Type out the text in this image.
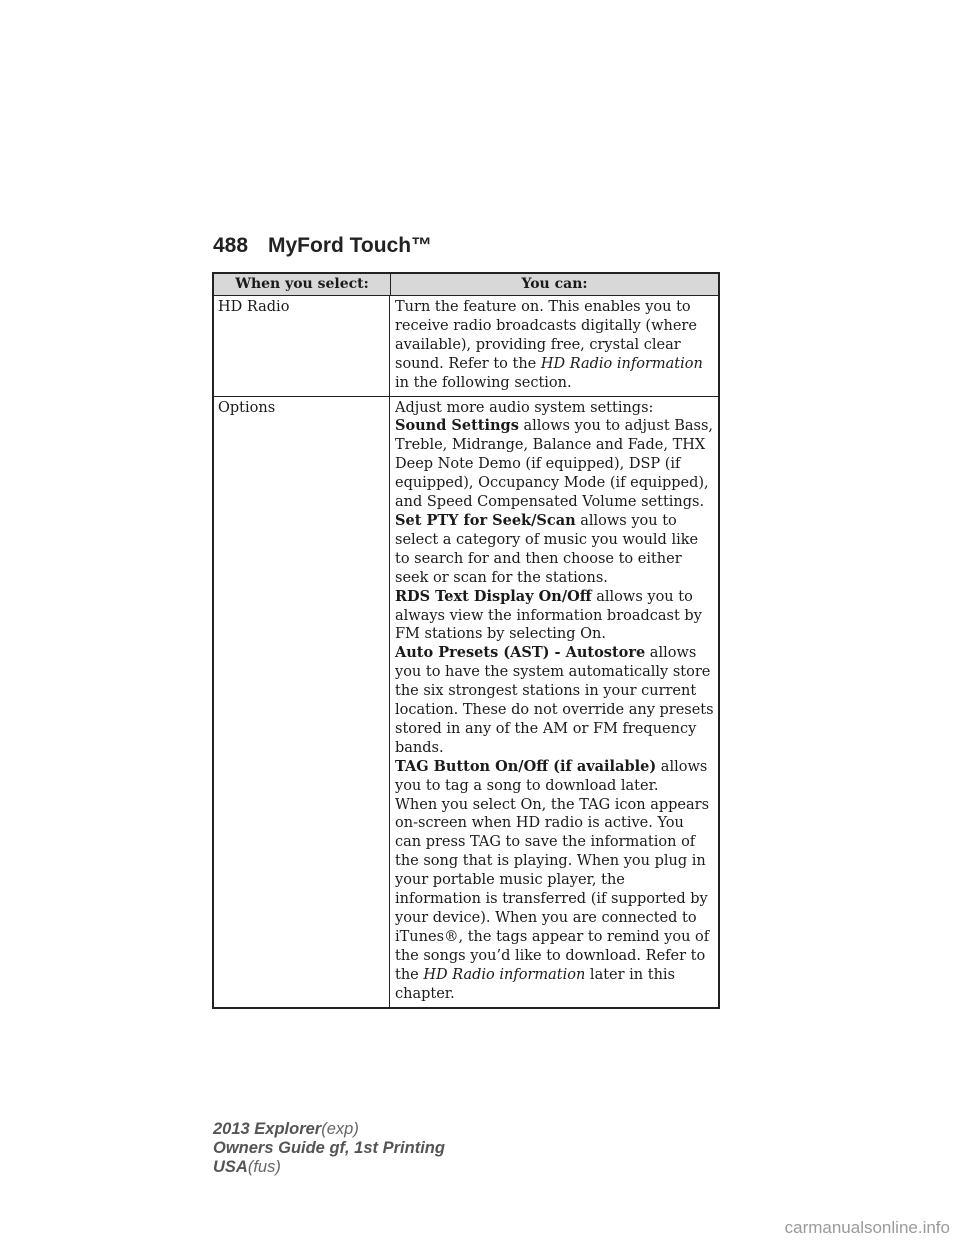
488 MyFord Touch™
When you select:	You can:
HD Radio	Turn the feature on. This enables you to receive radio broadcasts digitally (where available), providing free, crystal clear sound. Refer to the HD Radio information in the following section.

Options	Adjust more audio system settings:

Sound Settings allows you to adjust Bass, Treble, Midrange, Balance and Fade, THX Deep Note Demo (if equipped), DSP (if equipped), Occupancy Mode (if equipped), and Speed Compensated Volume settings.

Set PTY for Seek/Scan allows you to select a category of music you would like to search for and then choose to either seek or scan for the stations.

RDS Text Display On/Off allows you to always view the information broadcast by FM stations by selecting On.

Auto Presets (AST) - Autostore allows you to have the system automatically store the six strongest stations in your current location. These do not override any presets stored in any of the AM or FM frequency bands.

TAG Button On/Off (if available) allows you to tag a song to download later.

When you select On, the TAG icon appears on-screen when HD radio is active. You can press TAG to save the information of the song that is playing. When you plug in your portable music player, the information is transferred (if supported by your device). When you are connected to iTunes®, the tags appear to remind you of the songs you’d like to download. Refer to the HD Radio information later in this chapter.

2013 Explorer(exp)
Owners Guide gf, 1st Printing
USA(fus)
carmanualsonline.info
